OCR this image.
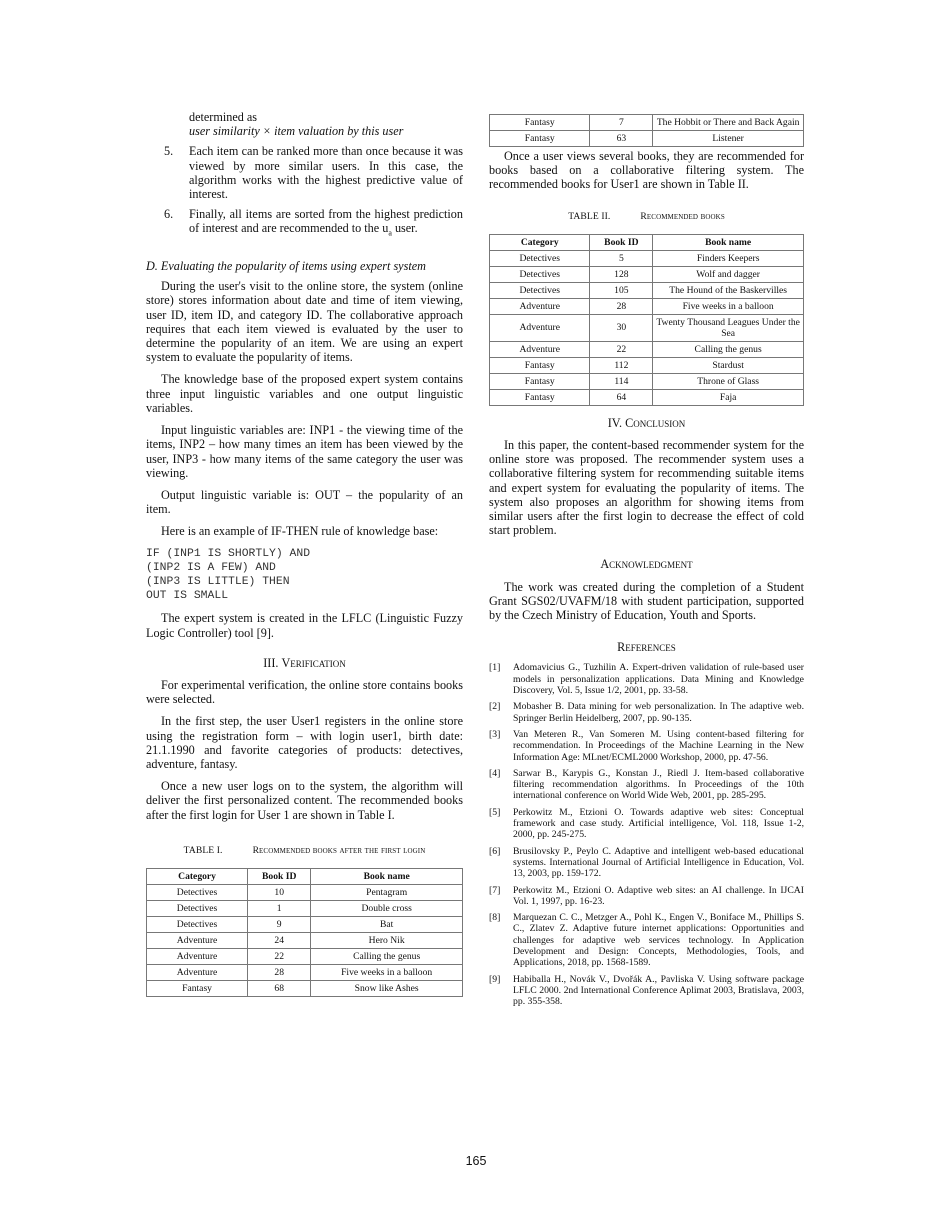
determined as

user similarity × item valuation by this user

5.	Each item can be ranked more than once because it was viewed by more similar users. In this case, the algorithm works with the highest predictive value of interest.
6.	Finally, all items are sorted from the highest prediction of interest and are recommended to the $u_a$ user.
D. Evaluating the popularity of items using expert system

During the user's visit to the online store, the system (online store) stores information about date and time of item viewing, user ID, item ID, and category ID. The collaborative approach requires that each item viewed is evaluated by the user to determine the popularity of an item. We are using an expert system to evaluate the popularity of items.

The knowledge base of the proposed expert system contains three input linguistic variables and one output linguistic variables.

Input linguistic variables are: INP1 - the viewing time of the items, INP2 – how many times an item has been viewed by the user, INP3 - how many items of the same category the user was viewing.

Output linguistic variable is: OUT – the popularity of an item.

Here is an example of IF-THEN rule of knowledge base:

IF (INP1 IS SHORTLY) AND
(INP2 IS A FEW) AND
(INP3 IS LITTLE) THEN
OUT IS SMALL

The expert system is created in the LFLC (Linguistic Fuzzy Logic Controller) tool [9].

III. Verification

For experimental verification, the online store contains books were selected.

In the first step, the user User1 registers in the online store using the registration form – with login user1, birth date: 21.1.1990 and favorite categories of products: detectives, adventure, fantasy.

Once a new user logs on to the system, the algorithm will deliver the first personalized content. The recommended books after the first login for User 1 are shown in Table I.

TABLE I.	Recommended books after the first login
Category	Book ID	Book name
Detectives	10	Pentagram
Detectives	1	Double cross
Detectives	9	Bat
Adventure	24	Hero Nik
Adventure	22	Calling the genus
Adventure	28	Five weeks in a balloon
Fantasy	68	Snow like Ashes
Fantasy	7	The Hobbit or There and Back Again
Fantasy	63	Listener

Once a user views several books, they are recommended for books based on a collaborative filtering system. The recommended books for User1 are shown in Table II.

TABLE II.	Recommended books
Category	Book ID	Book name
Detectives	5	Finders Keepers
Detectives	128	Wolf and dagger
Detectives	105	The Hound of the Baskervilles
Adventure	28	Five weeks in a balloon
Adventure	30	Twenty Thousand Leagues Under the Sea
Adventure	22	Calling the genus
Fantasy	112	Stardust
Fantasy	114	Throne of Glass
Fantasy	64	Faja
IV. Conclusion

In this paper, the content-based recommender system for the online store was proposed. The recommender system uses a collaborative filtering system for recommending suitable items and expert system for evaluating the popularity of items. The system also proposes an algorithm for showing items from similar users after the first login to decrease the effect of cold start problem.

Acknowledgment

The work was created during the completion of a Student Grant SGS02/UVAFM/18 with student participation, supported by the Czech Ministry of Education, Youth and Sports.

References
[1]	Adomavicius G., Tuzhilin A. Expert-driven validation of rule-based user models in personalization applications. Data Mining and Knowledge Discovery, Vol. 5, Issue 1/2, 2001, pp. 33-58.
[2]	Mobasher B. Data mining for web personalization. In The adaptive web. Springer Berlin Heidelberg, 2007, pp. 90-135.
[3]	Van Meteren R., Van Someren M. Using content-based filtering for recommendation. In Proceedings of the Machine Learning in the New Information Age: MLnet/ECML2000 Workshop, 2000, pp. 47-56.
[4]	Sarwar B., Karypis G., Konstan J., Riedl J. Item-based collaborative filtering recommendation algorithms. In Proceedings of the 10th international conference on World Wide Web, 2001, pp. 285-295.
[5]	Perkowitz M., Etzioni O. Towards adaptive web sites: Conceptual framework and case study. Artificial intelligence, Vol. 118, Issue 1-2, 2000, pp. 245-275.
[6]	Brusilovsky P., Peylo C. Adaptive and intelligent web-based educational systems. International Journal of Artificial Intelligence in Education, Vol. 13, 2003, pp. 159-172.
[7]	Perkowitz M., Etzioni O. Adaptive web sites: an AI challenge. In IJCAI Vol. 1, 1997, pp. 16-23.
[8]	Marquezan C. C., Metzger A., Pohl K., Engen V., Boniface M., Phillips S. C., Zlatev Z. Adaptive future internet applications: Opportunities and challenges for adaptive web services technology. In Application Development and Design: Concepts, Methodologies, Tools, and Applications, 2018, pp. 1568-1589.
[9]	Habiballa H., Novák V., Dvořák A., Pavliska V. Using software package LFLC 2000. 2nd International Conference Aplimat 2003, Bratislava, 2003, pp. 355-358.
165
